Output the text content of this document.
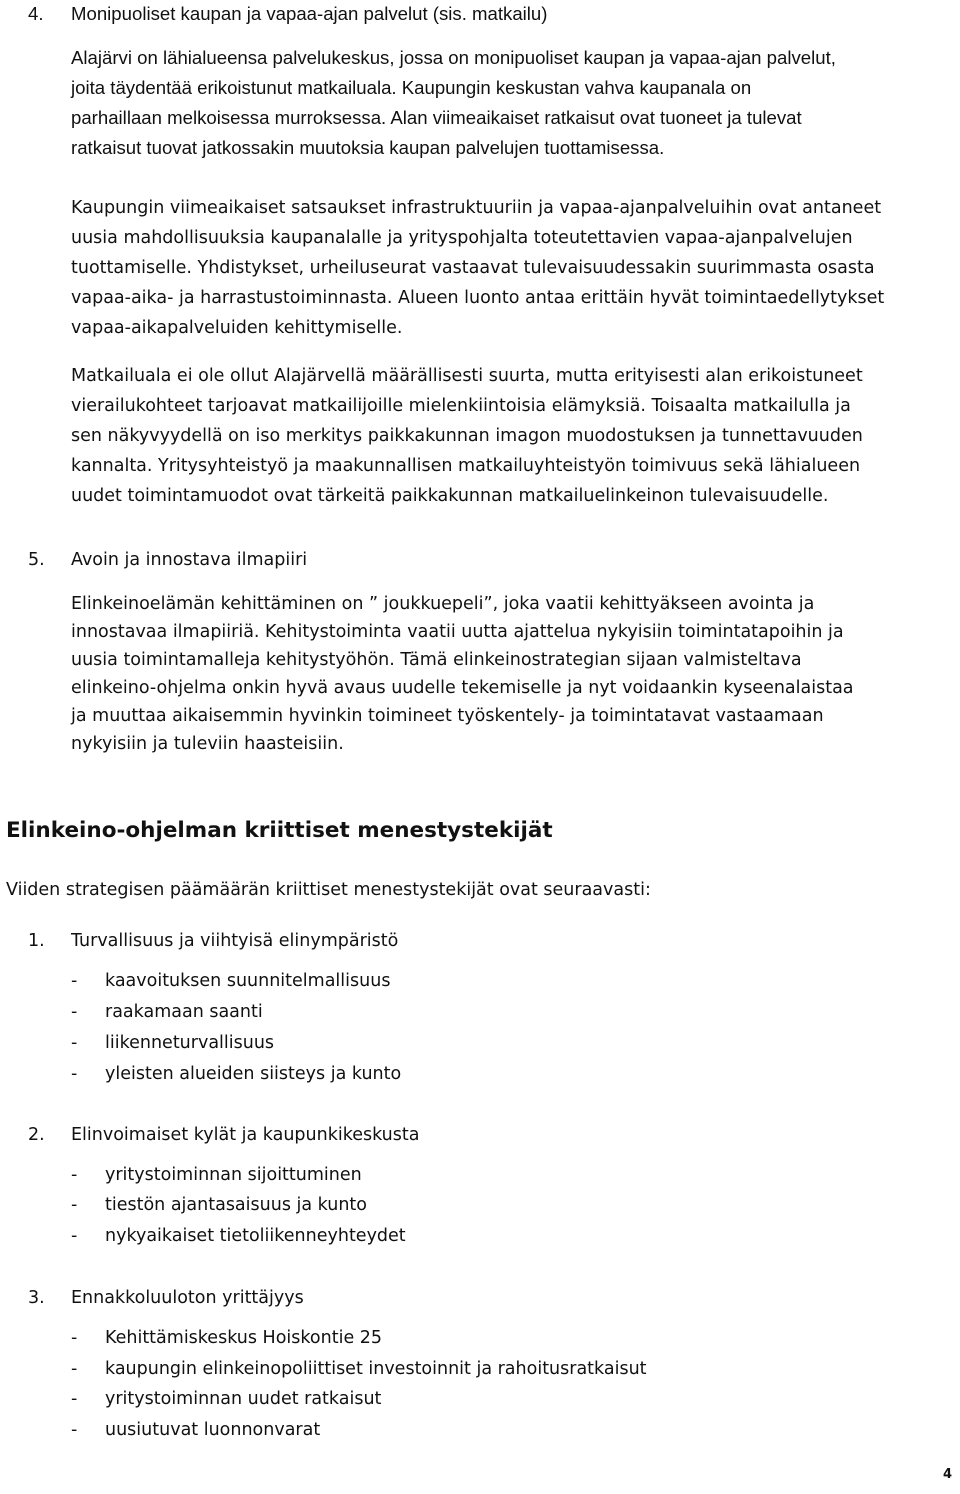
4. Monipuoliset kaupan ja vapaa-ajan palvelut (sis. matkailu)
Alajärvi on lähialueensa palvelukeskus, jossa on monipuoliset kaupan ja vapaa-ajan palvelut,
joita täydentää erikoistunut matkailuala. Kaupungin keskustan vahva kaupanala on
parhaillaan melkoisessa murroksessa. Alan viimeaikaiset ratkaisut ovat tuoneet ja tulevat
ratkaisut tuovat jatkossakin muutoksia kaupan palvelujen tuottamisessa.
Kaupungin viimeaikaiset satsaukset infrastruktuuriin ja vapaa-ajanpalveluihin ovat antaneet
uusia mahdollisuuksia kaupanalalle ja yrityspohjalta toteutettavien vapaa-ajanpalvelujen
tuottamiselle. Yhdistykset, urheiluseurat vastaavat tulevaisuudessakin suurimmasta osasta
vapaa-aika- ja harrastustoiminnasta. Alueen luonto antaa erittäin hyvät toimintaedellytykset
vapaa-aikapalveluiden kehittymiselle.
Matkailuala ei ole ollut Alajärvellä määrällisesti suurta, mutta erityisesti alan erikoistuneet
vierailukohteet tarjoavat matkailijoille mielenkiintoisia elämyksiä. Toisaalta matkailulla ja
sen näkyvyydellä on iso merkitys paikkakunnan imagon muodostuksen ja tunnettavuuden
kannalta. Yritysyhteistyö ja maakunnallisen matkailuyhteistyön toimivuus sekä lähialueen
uudet toimintamuodot ovat tärkeitä paikkakunnan matkailuelinkeinon tulevaisuudelle.
5. Avoin ja innostava ilmapiiri
Elinkeinoelämän kehittäminen on ” joukkuepeli”, joka vaatii kehittyäkseen avointa ja
innostavaa ilmapiiriä. Kehitystoiminta vaatii uutta ajattelua nykyisiin toimintatapoihin ja
uusia toimintamalleja kehitystyöhön. Tämä elinkeinostrategian sijaan valmisteltava
elinkeino-ohjelma onkin hyvä avaus uudelle tekemiselle ja nyt voidaankin kyseenalaistaa
ja muuttaa aikaisemmin hyvinkin toimineet työskentely- ja toimintatavat vastaamaan
nykyisiin ja tuleviin haasteisiin.
Elinkeino-ohjelman kriittiset menestystekijät
Viiden strategisen päämäärän kriittiset menestystekijät ovat seuraavasti:
1. Turvallisuus ja viihtyisä elinympäristö
- kaavoituksen suunnitelmallisuus
- raakamaan saanti
- liikenneturvallisuus
- yleisten alueiden siisteys ja kunto
2. Elinvoimaiset kylät ja kaupunkikeskusta
- yritystoiminnan sijoittuminen
- tiestön ajantasaisuus ja kunto
- nykyaikaiset tietoliikenneyhteydet
3. Ennakkoluuloton yrittäjyys
- Kehittämiskeskus Hoiskontie 25
- kaupungin elinkeinopoliittiset investoinnit ja rahoitusratkaisut
- yritystoiminnan uudet ratkaisut
- uusiutuvat luonnonvarat
4
